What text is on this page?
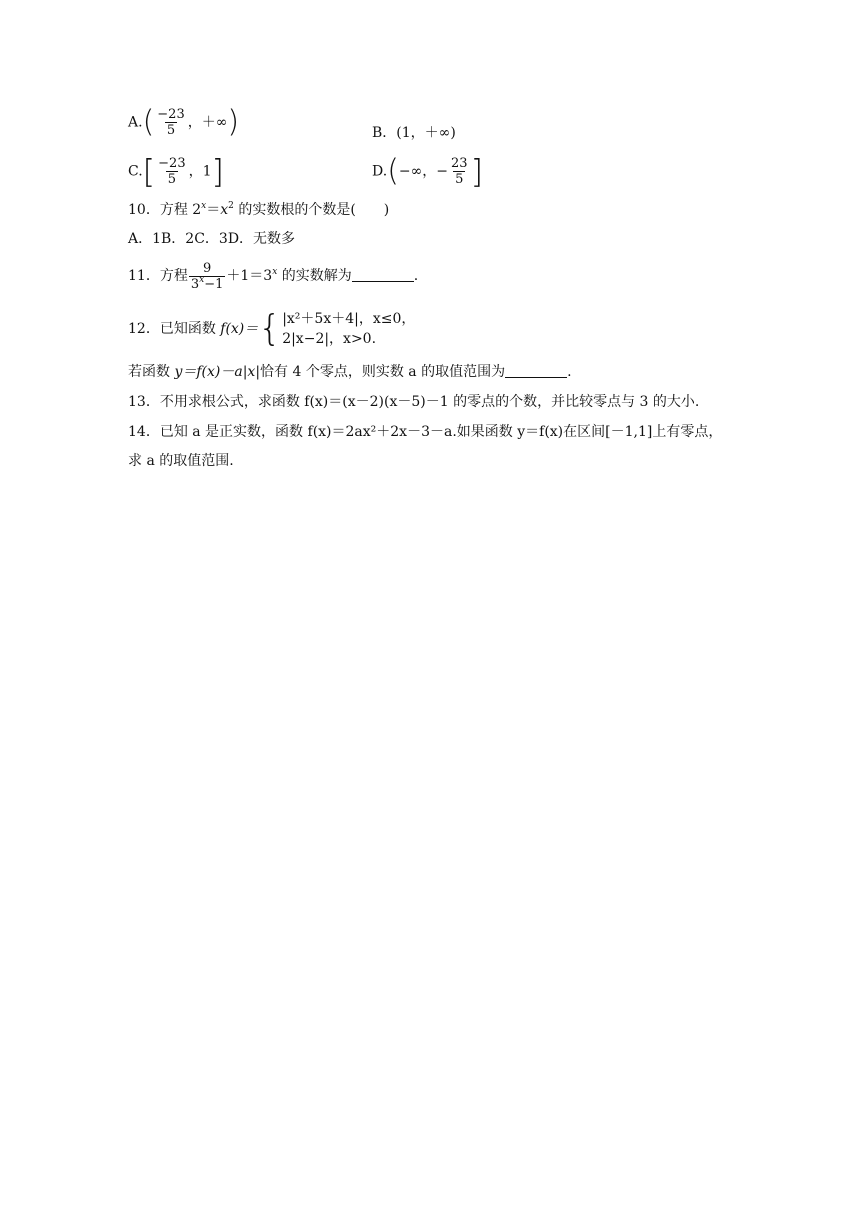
$A.( \frac{-23}{5}$ ，＋∞)	B．(1，＋∞)
$C.[ \frac{-23}{5}$ ，1]	D.(−∞，− $\frac{23}{5}$ ]
10．方程 $2^x=x^2$ 的实数根的个数是(　　)
A．1B．2C．3D．无数多
11．方程 $\frac{9}{3^x-1} +1=3^x$ 的实数解为	.
12．已知函数 f(x)＝ { |x²＋5x＋4|，x≤0，
2|x−2|，x>0.
若函数 y＝f(x)－a|x|恰有 4 个零点，则实数 a 的取值范围为	.
13．不用求根公式，求函数 f(x)＝(x－2)(x－5)－1 的零点的个数，并比较零点与 3 的大小.
14．已知 a 是正实数，函数 f(x)＝2ax²＋2x－3－a.如果函数 y＝f(x)在区间[－1,1]上有零点，
求 a 的取值范围.
